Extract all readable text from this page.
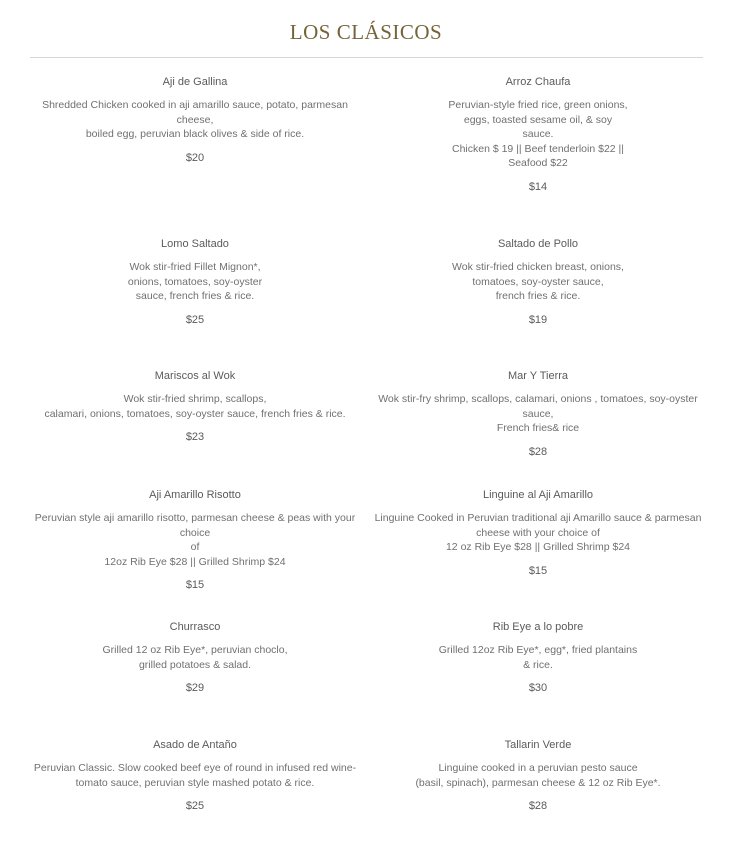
LOS CLÁSICOS
Aji de Gallina
Shredded Chicken cooked in aji amarillo sauce, potato, parmesan cheese,
boiled egg, peruvian black olives & side of rice.
$20
Arroz Chaufa
Peruvian-style fried rice, green onions,
eggs, toasted sesame oil, & soy
sauce.
Chicken $ 19 || Beef tenderloin $22 ||
Seafood $22
$14
Lomo Saltado
Wok stir-fried Fillet Mignon*,
onions, tomatoes, soy-oyster
sauce, french fries & rice.
$25
Saltado de Pollo
Wok stir-fried chicken breast, onions,
tomatoes, soy-oyster sauce,
french fries & rice.
$19
Mariscos al Wok
Wok stir-fried shrimp, scallops,
calamari, onions, tomatoes, soy-oyster sauce, french fries & rice.
$23
Mar Y Tierra
Wok stir-fry shrimp, scallops, calamari, onions , tomatoes, soy-oyster sauce,
French fries& rice
$28
Aji Amarillo Risotto
Peruvian style aji amarillo risotto, parmesan cheese & peas with your choice
of
12oz Rib Eye $28 || Grilled Shrimp $24
$15
Linguine al Aji Amarillo
Linguine Cooked in Peruvian traditional aji Amarillo sauce & parmesan
cheese with your choice of
12 oz Rib Eye $28 || Grilled Shrimp $24
$15
Churrasco
Grilled 12 oz Rib Eye*, peruvian choclo,
grilled potatoes & salad.
$29
Rib Eye a lo pobre
Grilled 12oz Rib Eye*, egg*, fried plantains
& rice.
$30
Asado de Antaño
Peruvian Classic. Slow cooked beef eye of round in infused red wine-
tomato sauce, peruvian style mashed potato & rice.
$25
Tallarin Verde
Linguine cooked in a peruvian pesto sauce
(basil, spinach), parmesan cheese & 12 oz Rib Eye*.
$28
